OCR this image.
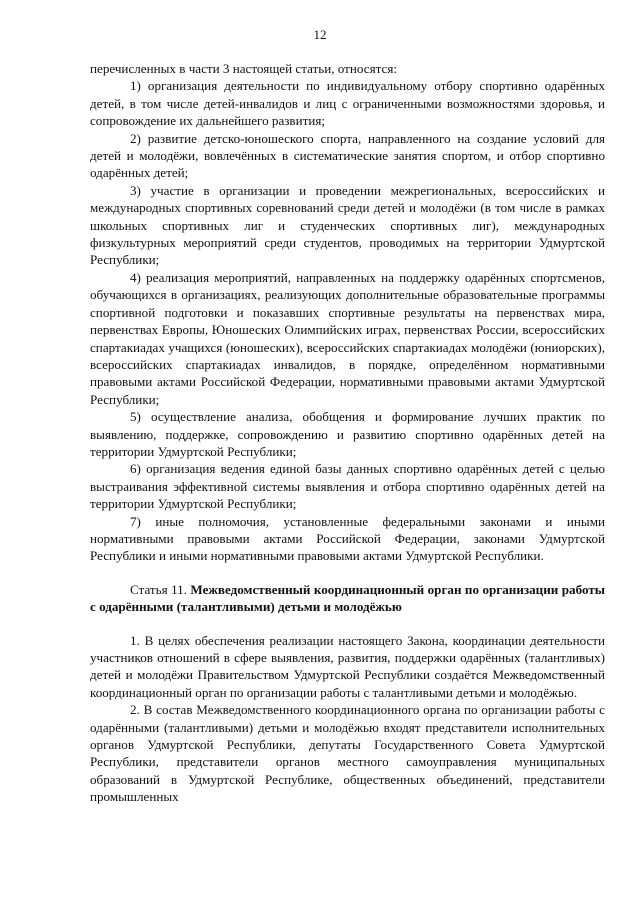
12

перечисленных в части 3 настоящей статьи, относятся:

1) организация деятельности по индивидуальному отбору спортивно одарённых детей, в том числе детей-инвалидов и лиц с ограниченными возможностями здоровья, и сопровождение их дальнейшего развития;

2) развитие детско-юношеского спорта, направленного на создание условий для детей и молодёжи, вовлечённых в систематические занятия спортом, и отбор спортивно одарённых детей;

3) участие в организации и проведении межрегиональных, всероссийских и международных спортивных соревнований среди детей и молодёжи (в том числе в рамках школьных спортивных лиг и студенческих спортивных лиг), международных физкультурных мероприятий среди студентов, проводимых на территории Удмуртской Республики;

4) реализация мероприятий, направленных на поддержку одарённых спортсменов, обучающихся в организациях, реализующих дополнительные образовательные программы спортивной подготовки и показавших спортивные результаты на первенствах мира, первенствах Европы, Юношеских Олимпийских играх, первенствах России, всероссийских спартакиадах учащихся (юношеских), всероссийских спартакиадах молодёжи (юниорских), всероссийских спартакиадах инвалидов, в порядке, определённом нормативными правовыми актами Российской Федерации, нормативными правовыми актами Удмуртской Республики;

5) осуществление анализа, обобщения и формирование лучших практик по выявлению, поддержке, сопровождению и развитию спортивно одарённых детей на территории Удмуртской Республики;

6) организация ведения единой базы данных спортивно одарённых детей с целью выстраивания эффективной системы выявления и отбора спортивно одарённых детей на территории Удмуртской Республики;

7) иные полномочия, установленные федеральными законами и иными нормативными правовыми актами Российской Федерации, законами Удмуртской Республики и иными нормативными правовыми актами Удмуртской Республики.

Статья 11. Межведомственный координационный орган по организации работы с одарёнными (талантливыми) детьми и молодёжью

1. В целях обеспечения реализации настоящего Закона, координации деятельности участников отношений в сфере выявления, развития, поддержки одарённых (талантливых) детей и молодёжи Правительством Удмуртской Республики создаётся Межведомственный координационный орган по организации работы с талантливыми детьми и молодёжью.

2. В состав Межведомственного координационного органа по организации работы с одарёнными (талантливыми) детьми и молодёжью входят представители исполнительных органов Удмуртской Республики, депутаты Государственного Совета Удмуртской Республики, представители органов местного самоуправления муниципальных образований в Удмуртской Республике, общественных объединений, представители промышленных
